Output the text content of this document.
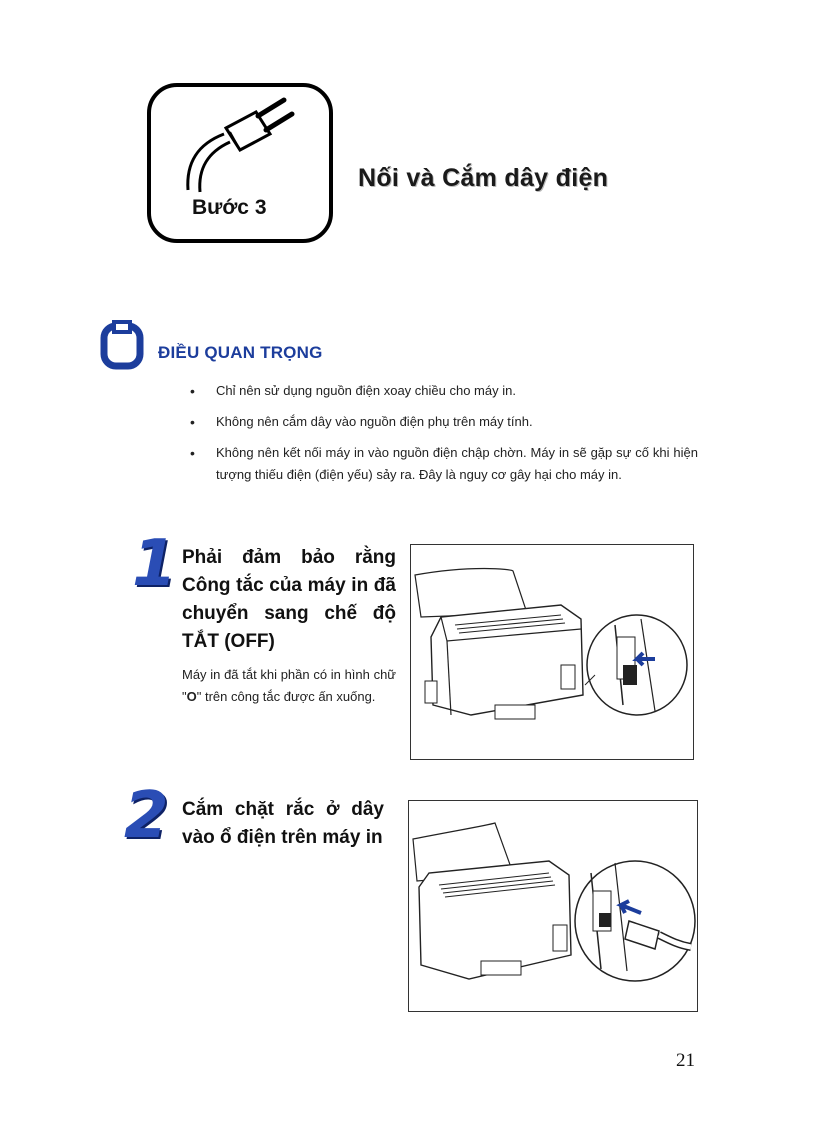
Bước 3
Nối và Cắm dây điện
ĐIỀU QUAN TRỌNG
• Chỉ nên sử dụng nguồn điện xoay chiều cho máy in.
• Không nên cắm dây vào nguồn điện phụ trên máy tính.
• Không nên kết nối máy in vào nguồn điện chập chờn. Máy in sẽ gặp sự cố khi hiện tượng thiếu điện (điện yếu) sảy ra. Đây là nguy cơ gây hại cho máy in.
1 Phải đảm bảo rằng Công tắc của máy in đã chuyển sang chế độ TẮT (OFF)
Máy in đã tắt khi phần có in hình chữ "O" trên công tắc được ấn xuống.
2 Cắm chặt rắc ở dây vào ổ điện trên máy in
21
